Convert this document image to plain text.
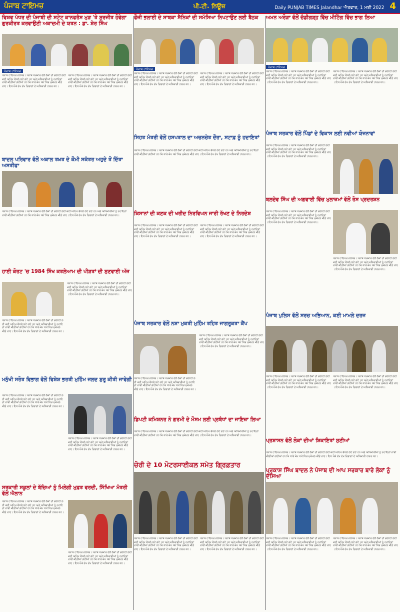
ਪੰਜਾਬ ਟਾਇਮਜ਼	ਪੀ.ਟੀ. ਨਿਊਜ਼	Daily PUNJAB TIMES Jalandhar ਐਤਵਾਰ, 1 ਮਈ 2022 4
ਵਿਸ਼ਵ ਪੱਧਰ ਦੀ ਪੰਜਾਬੀ ਦੀ ਸਟੇਟ ਕਾਨਫਰੰਸ ਮੁੜ 'ਤੇ ਸੁਰਜੀਤ ਹੋਵੇਗਾ ਗੁਰਕੀਰਤ ਕਰਵਾਉਣੀ ਅਕਾਦਮੀ ਦੇ ਯਤਨ : ਡਾ. ਸ਼ੇਰ ਸਿੰਘ
ਪੰਜਾਬ ਟਾਇਮਜ਼
ਪੰਜਾਬ ਟਾਇਮਜ਼ ਜਲੰਧਰ। ਪੰਜਾਬ ਸਰਕਾਰ ਵੱਲੋਂ ਲੋਕਾਂ ਦੀ ਭਲਾਈ ਲਈ ਕਈ ਅਹਿਮ ਫੈਸਲੇ ਲਏ ਗਏ ਹਨ ਅਤੇ ਅਧਿਕਾਰੀਆਂ ਨੂੰ ਹਦਾਇਤਾਂ ਜਾਰੀ ਕੀਤੀਆਂ ਗਈਆਂ ਹਨ ਕਿ ਸਾਰੇ ਕੰਮ ਸਮੇਂ ਸਿਰ ਮੁਕੰਮਲ ਕੀਤੇ ਜਾਣ। ਇਸ ਮੌਕੇ ਵੱਖ ਵੱਖ ਵਿਭਾਗਾਂ ਦੇ ਅਧਿਕਾਰੀ ਹਾਜ਼ਰ ਸਨ।
ਪੰਜਾਬ ਟਾਇਮਜ਼ ਜਲੰਧਰ। ਪੰਜਾਬ ਸਰਕਾਰ ਵੱਲੋਂ ਲੋਕਾਂ ਦੀ ਭਲਾਈ ਲਈ ਕਈ ਅਹਿਮ ਫੈਸਲੇ ਲਏ ਗਏ ਹਨ ਅਤੇ ਅਧਿਕਾਰੀਆਂ ਨੂੰ ਹਦਾਇਤਾਂ ਜਾਰੀ ਕੀਤੀਆਂ ਗਈਆਂ ਹਨ ਕਿ ਸਾਰੇ ਕੰਮ ਸਮੇਂ ਸਿਰ ਮੁਕੰਮਲ ਕੀਤੇ ਜਾਣ। ਇਸ ਮੌਕੇ ਵੱਖ ਵੱਖ ਵਿਭਾਗਾਂ ਦੇ ਅਧਿਕਾਰੀ ਹਾਜ਼ਰ ਸਨ।
ਬਾਦਲ ਪਰਿਵਾਰ ਵੱਲੋਂ ਅਕਾਲ ਤਖ਼ਤ ਦੇ ਕੌਮੀ ਸਕੱਤਰ ਅਹੁਦੇ ਤੋਂ ਦਿੱਤਾ ਅਸਤੀਫਾ
ਪੰਜਾਬ ਟਾਇਮਜ਼ ਜਲੰਧਰ। ਪੰਜਾਬ ਸਰਕਾਰ ਵੱਲੋਂ ਲੋਕਾਂ ਦੀ ਭਲਾਈ ਲਈ ਕਈ ਅਹਿਮ ਫੈਸਲੇ ਲਏ ਗਏ ਹਨ ਅਤੇ ਅਧਿਕਾਰੀਆਂ ਨੂੰ ਹਦਾਇਤਾਂ ਜਾਰੀ ਕੀਤੀਆਂ ਗਈਆਂ ਹਨ ਕਿ ਸਾਰੇ ਕੰਮ ਸਮੇਂ ਸਿਰ ਮੁਕੰਮਲ ਕੀਤੇ ਜਾਣ। ਇਸ ਮੌਕੇ ਵੱਖ ਵੱਖ ਵਿਭਾਗਾਂ ਦੇ ਅਧਿਕਾਰੀ ਹਾਜ਼ਰ ਸਨ।
ਹਾਈ ਕੋਰਟ 'ਚ 1984 ਸਿੱਖ ਕਤਲੇਆਮ ਦੀ ਪੀੜਤਾਂ ਦੀ ਸੁਣਵਾਈ ਅੱਜ
ਪੰਜਾਬ ਟਾਇਮਜ਼ ਜਲੰਧਰ। ਪੰਜਾਬ ਸਰਕਾਰ ਵੱਲੋਂ ਲੋਕਾਂ ਦੀ ਭਲਾਈ ਲਈ ਕਈ ਅਹਿਮ ਫੈਸਲੇ ਲਏ ਗਏ ਹਨ ਅਤੇ ਅਧਿਕਾਰੀਆਂ ਨੂੰ ਹਦਾਇਤਾਂ ਜਾਰੀ ਕੀਤੀਆਂ ਗਈਆਂ ਹਨ ਕਿ ਸਾਰੇ ਕੰਮ ਸਮੇਂ ਸਿਰ ਮੁਕੰਮਲ ਕੀਤੇ ਜਾਣ। ਇਸ ਮੌਕੇ ਵੱਖ ਵੱਖ ਵਿਭਾਗਾਂ ਦੇ ਅਧਿਕਾਰੀ ਹਾਜ਼ਰ ਸਨ।
ਪੰਜਾਬ ਟਾਇਮਜ਼ ਜਲੰਧਰ। ਪੰਜਾਬ ਸਰਕਾਰ ਵੱਲੋਂ ਲੋਕਾਂ ਦੀ ਭਲਾਈ ਲਈ ਕਈ ਅਹਿਮ ਫੈਸਲੇ ਲਏ ਗਏ ਹਨ ਅਤੇ ਅਧਿਕਾਰੀਆਂ ਨੂੰ ਹਦਾਇਤਾਂ ਜਾਰੀ ਕੀਤੀਆਂ ਗਈਆਂ ਹਨ ਕਿ ਸਾਰੇ ਕੰਮ ਸਮੇਂ ਸਿਰ ਮੁਕੰਮਲ ਕੀਤੇ ਜਾਣ। ਇਸ ਮੌਕੇ ਵੱਖ ਵੱਖ ਵਿਭਾਗਾਂ ਦੇ ਅਧਿਕਾਰੀ ਹਾਜ਼ਰ ਸਨ।
ਮਨੁੱਖੀ ਸਰੋਤ ਵਿਭਾਗ ਵੱਲੋਂ ਵਿਸ਼ੇਸ਼ ਭਰਤੀ ਮੁਹਿੰਮ ਜਲਦ ਸ਼ੁਰੂ ਕੀਤੀ ਜਾਵੇਗੀ
ਪੰਜਾਬ ਟਾਇਮਜ਼ ਜਲੰਧਰ। ਪੰਜਾਬ ਸਰਕਾਰ ਵੱਲੋਂ ਲੋਕਾਂ ਦੀ ਭਲਾਈ ਲਈ ਕਈ ਅਹਿਮ ਫੈਸਲੇ ਲਏ ਗਏ ਹਨ ਅਤੇ ਅਧਿਕਾਰੀਆਂ ਨੂੰ ਹਦਾਇਤਾਂ ਜਾਰੀ ਕੀਤੀਆਂ ਗਈਆਂ ਹਨ ਕਿ ਸਾਰੇ ਕੰਮ ਸਮੇਂ ਸਿਰ ਮੁਕੰਮਲ ਕੀਤੇ ਜਾਣ। ਇਸ ਮੌਕੇ ਵੱਖ ਵੱਖ ਵਿਭਾਗਾਂ ਦੇ ਅਧਿਕਾਰੀ ਹਾਜ਼ਰ ਸਨ।
ਪੰਜਾਬ ਟਾਇਮਜ਼ ਜਲੰਧਰ। ਪੰਜਾਬ ਸਰਕਾਰ ਵੱਲੋਂ ਲੋਕਾਂ ਦੀ ਭਲਾਈ ਲਈ ਕਈ ਅਹਿਮ ਫੈਸਲੇ ਲਏ ਗਏ ਹਨ ਅਤੇ ਅਧਿਕਾਰੀਆਂ ਨੂੰ ਹਦਾਇਤਾਂ ਜਾਰੀ ਕੀਤੀਆਂ ਗਈਆਂ ਹਨ ਕਿ ਸਾਰੇ ਕੰਮ ਸਮੇਂ ਸਿਰ ਮੁਕੰਮਲ ਕੀਤੇ ਜਾਣ। ਇਸ ਮੌਕੇ ਵੱਖ ਵੱਖ ਵਿਭਾਗਾਂ ਦੇ ਅਧਿਕਾਰੀ ਹਾਜ਼ਰ ਸਨ।
ਸਰਕਾਰੀ ਸਕੂਲਾਂ ਦੇ ਬੱਚਿਆਂ ਨੂੰ ਮਿਲੇਗੀ ਮੁਫ਼ਤ ਵਰਦੀ, ਸਿੱਖਿਆ ਮੰਤਰੀ ਵੱਲੋਂ ਐਲਾਨ
ਪੰਜਾਬ ਟਾਇਮਜ਼ ਜਲੰਧਰ। ਪੰਜਾਬ ਸਰਕਾਰ ਵੱਲੋਂ ਲੋਕਾਂ ਦੀ ਭਲਾਈ ਲਈ ਕਈ ਅਹਿਮ ਫੈਸਲੇ ਲਏ ਗਏ ਹਨ ਅਤੇ ਅਧਿਕਾਰੀਆਂ ਨੂੰ ਹਦਾਇਤਾਂ ਜਾਰੀ ਕੀਤੀਆਂ ਗਈਆਂ ਹਨ ਕਿ ਸਾਰੇ ਕੰਮ ਸਮੇਂ ਸਿਰ ਮੁਕੰਮਲ ਕੀਤੇ ਜਾਣ। ਇਸ ਮੌਕੇ ਵੱਖ ਵੱਖ ਵਿਭਾਗਾਂ ਦੇ ਅਧਿਕਾਰੀ ਹਾਜ਼ਰ ਸਨ।
ਪੰਜਾਬ ਟਾਇਮਜ਼ ਜਲੰਧਰ। ਪੰਜਾਬ ਸਰਕਾਰ ਵੱਲੋਂ ਲੋਕਾਂ ਦੀ ਭਲਾਈ ਲਈ ਕਈ ਅਹਿਮ ਫੈਸਲੇ ਲਏ ਗਏ ਹਨ ਅਤੇ ਅਧਿਕਾਰੀਆਂ ਨੂੰ ਹਦਾਇਤਾਂ ਜਾਰੀ ਕੀਤੀਆਂ ਗਈਆਂ ਹਨ ਕਿ ਸਾਰੇ ਕੰਮ ਸਮੇਂ ਸਿਰ ਮੁਕੰਮਲ ਕੀਤੇ ਜਾਣ। ਇਸ ਮੌਕੇ ਵੱਖ ਵੱਖ ਵਿਭਾਗਾਂ ਦੇ ਅਧਿਕਾਰੀ ਹਾਜ਼ਰ ਸਨ।
ਫੌਜੀ ਭਲਾਈ ਦੇ ਸਾਬਕਾ ਸੈਨਿਕਾਂ ਦੀ ਸਮੱਸਿਆ ਨਿਪਟਾਉਣ ਲਈ ਬੈਠਕ
ਪੰਜਾਬ ਟਾਇਮਜ਼
ਪੰਜਾਬ ਟਾਇਮਜ਼ ਜਲੰਧਰ। ਪੰਜਾਬ ਸਰਕਾਰ ਵੱਲੋਂ ਲੋਕਾਂ ਦੀ ਭਲਾਈ ਲਈ ਕਈ ਅਹਿਮ ਫੈਸਲੇ ਲਏ ਗਏ ਹਨ ਅਤੇ ਅਧਿਕਾਰੀਆਂ ਨੂੰ ਹਦਾਇਤਾਂ ਜਾਰੀ ਕੀਤੀਆਂ ਗਈਆਂ ਹਨ ਕਿ ਸਾਰੇ ਕੰਮ ਸਮੇਂ ਸਿਰ ਮੁਕੰਮਲ ਕੀਤੇ ਜਾਣ। ਇਸ ਮੌਕੇ ਵੱਖ ਵੱਖ ਵਿਭਾਗਾਂ ਦੇ ਅਧਿਕਾਰੀ ਹਾਜ਼ਰ ਸਨ।
ਪੰਜਾਬ ਟਾਇਮਜ਼ ਜਲੰਧਰ। ਪੰਜਾਬ ਸਰਕਾਰ ਵੱਲੋਂ ਲੋਕਾਂ ਦੀ ਭਲਾਈ ਲਈ ਕਈ ਅਹਿਮ ਫੈਸਲੇ ਲਏ ਗਏ ਹਨ ਅਤੇ ਅਧਿਕਾਰੀਆਂ ਨੂੰ ਹਦਾਇਤਾਂ ਜਾਰੀ ਕੀਤੀਆਂ ਗਈਆਂ ਹਨ ਕਿ ਸਾਰੇ ਕੰਮ ਸਮੇਂ ਸਿਰ ਮੁਕੰਮਲ ਕੀਤੇ ਜਾਣ। ਇਸ ਮੌਕੇ ਵੱਖ ਵੱਖ ਵਿਭਾਗਾਂ ਦੇ ਅਧਿਕਾਰੀ ਹਾਜ਼ਰ ਸਨ।
ਸਿਹਤ ਮੰਤਰੀ ਵੱਲੋਂ ਹਸਪਤਾਲ ਦਾ ਅਚਨਚੇਤ ਦੌਰਾ, ਸਟਾਫ਼ ਨੂੰ ਹਦਾਇਤਾਂ
ਪੰਜਾਬ ਟਾਇਮਜ਼ ਜਲੰਧਰ। ਪੰਜਾਬ ਸਰਕਾਰ ਵੱਲੋਂ ਲੋਕਾਂ ਦੀ ਭਲਾਈ ਲਈ ਕਈ ਅਹਿਮ ਫੈਸਲੇ ਲਏ ਗਏ ਹਨ ਅਤੇ ਅਧਿਕਾਰੀਆਂ ਨੂੰ ਹਦਾਇਤਾਂ ਜਾਰੀ ਕੀਤੀਆਂ ਗਈਆਂ ਹਨ ਕਿ ਸਾਰੇ ਕੰਮ ਸਮੇਂ ਸਿਰ ਮੁਕੰਮਲ ਕੀਤੇ ਜਾਣ। ਇਸ ਮੌਕੇ ਵੱਖ ਵੱਖ ਵਿਭਾਗਾਂ ਦੇ ਅਧਿਕਾਰੀ ਹਾਜ਼ਰ ਸਨ।
ਕਿਸਾਨਾਂ ਦੀ ਕਣਕ ਦੀ ਖਰੀਦ ਨਿਰਵਿਘਨ ਜਾਰੀ ਰੱਖਣ ਦੇ ਨਿਰਦੇਸ਼
ਪੰਜਾਬ ਟਾਇਮਜ਼ ਜਲੰਧਰ। ਪੰਜਾਬ ਸਰਕਾਰ ਵੱਲੋਂ ਲੋਕਾਂ ਦੀ ਭਲਾਈ ਲਈ ਕਈ ਅਹਿਮ ਫੈਸਲੇ ਲਏ ਗਏ ਹਨ ਅਤੇ ਅਧਿਕਾਰੀਆਂ ਨੂੰ ਹਦਾਇਤਾਂ ਜਾਰੀ ਕੀਤੀਆਂ ਗਈਆਂ ਹਨ ਕਿ ਸਾਰੇ ਕੰਮ ਸਮੇਂ ਸਿਰ ਮੁਕੰਮਲ ਕੀਤੇ ਜਾਣ। ਇਸ ਮੌਕੇ ਵੱਖ ਵੱਖ ਵਿਭਾਗਾਂ ਦੇ ਅਧਿਕਾਰੀ ਹਾਜ਼ਰ ਸਨ।
ਪੰਜਾਬ ਟਾਇਮਜ਼ ਜਲੰਧਰ। ਪੰਜਾਬ ਸਰਕਾਰ ਵੱਲੋਂ ਲੋਕਾਂ ਦੀ ਭਲਾਈ ਲਈ ਕਈ ਅਹਿਮ ਫੈਸਲੇ ਲਏ ਗਏ ਹਨ ਅਤੇ ਅਧਿਕਾਰੀਆਂ ਨੂੰ ਹਦਾਇਤਾਂ ਜਾਰੀ ਕੀਤੀਆਂ ਗਈਆਂ ਹਨ ਕਿ ਸਾਰੇ ਕੰਮ ਸਮੇਂ ਸਿਰ ਮੁਕੰਮਲ ਕੀਤੇ ਜਾਣ। ਇਸ ਮੌਕੇ ਵੱਖ ਵੱਖ ਵਿਭਾਗਾਂ ਦੇ ਅਧਿਕਾਰੀ ਹਾਜ਼ਰ ਸਨ।
ਪੰਜਾਬ ਸਰਕਾਰ ਵੱਲੋਂ ਨਸ਼ਾ ਮੁਕਤੀ ਮੁਹਿੰਮ ਤਹਿਤ ਜਾਗਰੂਕਤਾ ਕੈਂਪ
ਪੰਜਾਬ ਟਾਇਮਜ਼ ਜਲੰਧਰ। ਪੰਜਾਬ ਸਰਕਾਰ ਵੱਲੋਂ ਲੋਕਾਂ ਦੀ ਭਲਾਈ ਲਈ ਕਈ ਅਹਿਮ ਫੈਸਲੇ ਲਏ ਗਏ ਹਨ ਅਤੇ ਅਧਿਕਾਰੀਆਂ ਨੂੰ ਹਦਾਇਤਾਂ ਜਾਰੀ ਕੀਤੀਆਂ ਗਈਆਂ ਹਨ ਕਿ ਸਾਰੇ ਕੰਮ ਸਮੇਂ ਸਿਰ ਮੁਕੰਮਲ ਕੀਤੇ ਜਾਣ। ਇਸ ਮੌਕੇ ਵੱਖ ਵੱਖ ਵਿਭਾਗਾਂ ਦੇ ਅਧਿਕਾਰੀ ਹਾਜ਼ਰ ਸਨ।
ਪੰਜਾਬ ਟਾਇਮਜ਼ ਜਲੰਧਰ। ਪੰਜਾਬ ਸਰਕਾਰ ਵੱਲੋਂ ਲੋਕਾਂ ਦੀ ਭਲਾਈ ਲਈ ਕਈ ਅਹਿਮ ਫੈਸਲੇ ਲਏ ਗਏ ਹਨ ਅਤੇ ਅਧਿਕਾਰੀਆਂ ਨੂੰ ਹਦਾਇਤਾਂ ਜਾਰੀ ਕੀਤੀਆਂ ਗਈਆਂ ਹਨ ਕਿ ਸਾਰੇ ਕੰਮ ਸਮੇਂ ਸਿਰ ਮੁਕੰਮਲ ਕੀਤੇ ਜਾਣ। ਇਸ ਮੌਕੇ ਵੱਖ ਵੱਖ ਵਿਭਾਗਾਂ ਦੇ ਅਧਿਕਾਰੀ ਹਾਜ਼ਰ ਸਨ।
ਡਿਪਟੀ ਕਮਿਸ਼ਨਰ ਨੇ ਗਰਮੀ ਦੇ ਮੌਸਮ ਲਈ ਪ੍ਰਬੰਧਾਂ ਦਾ ਜਾਇਜ਼ਾ ਲਿਆ
ਪੰਜਾਬ ਟਾਇਮਜ਼ ਜਲੰਧਰ। ਪੰਜਾਬ ਸਰਕਾਰ ਵੱਲੋਂ ਲੋਕਾਂ ਦੀ ਭਲਾਈ ਲਈ ਕਈ ਅਹਿਮ ਫੈਸਲੇ ਲਏ ਗਏ ਹਨ ਅਤੇ ਅਧਿਕਾਰੀਆਂ ਨੂੰ ਹਦਾਇਤਾਂ ਜਾਰੀ ਕੀਤੀਆਂ ਗਈਆਂ ਹਨ ਕਿ ਸਾਰੇ ਕੰਮ ਸਮੇਂ ਸਿਰ ਮੁਕੰਮਲ ਕੀਤੇ ਜਾਣ। ਇਸ ਮੌਕੇ ਵੱਖ ਵੱਖ ਵਿਭਾਗਾਂ ਦੇ ਅਧਿਕਾਰੀ ਹਾਜ਼ਰ ਸਨ।
ਚੋਰੀ ਦੇ 10 ਮੋਟਰਸਾਈਕਲ ਸਮੇਤ ਗ੍ਰਿਫ਼ਤਾਰ
ਪੰਜਾਬ ਟਾਇਮਜ਼ ਜਲੰਧਰ। ਪੰਜਾਬ ਸਰਕਾਰ ਵੱਲੋਂ ਲੋਕਾਂ ਦੀ ਭਲਾਈ ਲਈ ਕਈ ਅਹਿਮ ਫੈਸਲੇ ਲਏ ਗਏ ਹਨ ਅਤੇ ਅਧਿਕਾਰੀਆਂ ਨੂੰ ਹਦਾਇਤਾਂ ਜਾਰੀ ਕੀਤੀਆਂ ਗਈਆਂ ਹਨ ਕਿ ਸਾਰੇ ਕੰਮ ਸਮੇਂ ਸਿਰ ਮੁਕੰਮਲ ਕੀਤੇ ਜਾਣ। ਇਸ ਮੌਕੇ ਵੱਖ ਵੱਖ ਵਿਭਾਗਾਂ ਦੇ ਅਧਿਕਾਰੀ ਹਾਜ਼ਰ ਸਨ।
ਪੰਜਾਬ ਟਾਇਮਜ਼ ਜਲੰਧਰ। ਪੰਜਾਬ ਸਰਕਾਰ ਵੱਲੋਂ ਲੋਕਾਂ ਦੀ ਭਲਾਈ ਲਈ ਕਈ ਅਹਿਮ ਫੈਸਲੇ ਲਏ ਗਏ ਹਨ ਅਤੇ ਅਧਿਕਾਰੀਆਂ ਨੂੰ ਹਦਾਇਤਾਂ ਜਾਰੀ ਕੀਤੀਆਂ ਗਈਆਂ ਹਨ ਕਿ ਸਾਰੇ ਕੰਮ ਸਮੇਂ ਸਿਰ ਮੁਕੰਮਲ ਕੀਤੇ ਜਾਣ। ਇਸ ਮੌਕੇ ਵੱਖ ਵੱਖ ਵਿਭਾਗਾਂ ਦੇ ਅਧਿਕਾਰੀ ਹਾਜ਼ਰ ਸਨ।
ਅਮਨ ਅਰੋੜਾ ਵੱਲੋਂ ਚੰਡੀਗੜ੍ਹ ਵਿੱਚ ਮੀਟਿੰਗ ਵਿੱਚ ਭਾਗ ਲਿਆ
ਪੰਜਾਬ ਟਾਇਮਜ਼
ਪੰਜਾਬ ਟਾਇਮਜ਼ ਜਲੰਧਰ। ਪੰਜਾਬ ਸਰਕਾਰ ਵੱਲੋਂ ਲੋਕਾਂ ਦੀ ਭਲਾਈ ਲਈ ਕਈ ਅਹਿਮ ਫੈਸਲੇ ਲਏ ਗਏ ਹਨ ਅਤੇ ਅਧਿਕਾਰੀਆਂ ਨੂੰ ਹਦਾਇਤਾਂ ਜਾਰੀ ਕੀਤੀਆਂ ਗਈਆਂ ਹਨ ਕਿ ਸਾਰੇ ਕੰਮ ਸਮੇਂ ਸਿਰ ਮੁਕੰਮਲ ਕੀਤੇ ਜਾਣ। ਇਸ ਮੌਕੇ ਵੱਖ ਵੱਖ ਵਿਭਾਗਾਂ ਦੇ ਅਧਿਕਾਰੀ ਹਾਜ਼ਰ ਸਨ।
ਪੰਜਾਬ ਟਾਇਮਜ਼ ਜਲੰਧਰ। ਪੰਜਾਬ ਸਰਕਾਰ ਵੱਲੋਂ ਲੋਕਾਂ ਦੀ ਭਲਾਈ ਲਈ ਕਈ ਅਹਿਮ ਫੈਸਲੇ ਲਏ ਗਏ ਹਨ ਅਤੇ ਅਧਿਕਾਰੀਆਂ ਨੂੰ ਹਦਾਇਤਾਂ ਜਾਰੀ ਕੀਤੀਆਂ ਗਈਆਂ ਹਨ ਕਿ ਸਾਰੇ ਕੰਮ ਸਮੇਂ ਸਿਰ ਮੁਕੰਮਲ ਕੀਤੇ ਜਾਣ। ਇਸ ਮੌਕੇ ਵੱਖ ਵੱਖ ਵਿਭਾਗਾਂ ਦੇ ਅਧਿਕਾਰੀ ਹਾਜ਼ਰ ਸਨ।
ਪੰਜਾਬ ਸਰਕਾਰ ਵੱਲੋਂ ਪਿੰਡਾਂ ਦੇ ਵਿਕਾਸ ਲਈ ਨਵੀਆਂ ਯੋਜਨਾਵਾਂ
ਪੰਜਾਬ ਟਾਇਮਜ਼ ਜਲੰਧਰ। ਪੰਜਾਬ ਸਰਕਾਰ ਵੱਲੋਂ ਲੋਕਾਂ ਦੀ ਭਲਾਈ ਲਈ ਕਈ ਅਹਿਮ ਫੈਸਲੇ ਲਏ ਗਏ ਹਨ ਅਤੇ ਅਧਿਕਾਰੀਆਂ ਨੂੰ ਹਦਾਇਤਾਂ ਜਾਰੀ ਕੀਤੀਆਂ ਗਈਆਂ ਹਨ ਕਿ ਸਾਰੇ ਕੰਮ ਸਮੇਂ ਸਿਰ ਮੁਕੰਮਲ ਕੀਤੇ ਜਾਣ। ਇਸ ਮੌਕੇ ਵੱਖ ਵੱਖ ਵਿਭਾਗਾਂ ਦੇ ਅਧਿਕਾਰੀ ਹਾਜ਼ਰ ਸਨ।
ਬਲਦੇਵ ਸਿੰਘ ਦੀ ਅਗਵਾਈ ਵਿੱਚ ਮੁਲਾਜ਼ਮਾਂ ਵੱਲੋਂ ਰੋਸ ਪ੍ਰਦਰਸ਼ਨ
ਪੰਜਾਬ ਟਾਇਮਜ਼ ਜਲੰਧਰ। ਪੰਜਾਬ ਸਰਕਾਰ ਵੱਲੋਂ ਲੋਕਾਂ ਦੀ ਭਲਾਈ ਲਈ ਕਈ ਅਹਿਮ ਫੈਸਲੇ ਲਏ ਗਏ ਹਨ ਅਤੇ ਅਧਿਕਾਰੀਆਂ ਨੂੰ ਹਦਾਇਤਾਂ ਜਾਰੀ ਕੀਤੀਆਂ ਗਈਆਂ ਹਨ ਕਿ ਸਾਰੇ ਕੰਮ ਸਮੇਂ ਸਿਰ ਮੁਕੰਮਲ ਕੀਤੇ ਜਾਣ। ਇਸ ਮੌਕੇ ਵੱਖ ਵੱਖ ਵਿਭਾਗਾਂ ਦੇ ਅਧਿਕਾਰੀ ਹਾਜ਼ਰ ਸਨ।
ਪੰਜਾਬ ਟਾਇਮਜ਼ ਜਲੰਧਰ। ਪੰਜਾਬ ਸਰਕਾਰ ਵੱਲੋਂ ਲੋਕਾਂ ਦੀ ਭਲਾਈ ਲਈ ਕਈ ਅਹਿਮ ਫੈਸਲੇ ਲਏ ਗਏ ਹਨ ਅਤੇ ਅਧਿਕਾਰੀਆਂ ਨੂੰ ਹਦਾਇਤਾਂ ਜਾਰੀ ਕੀਤੀਆਂ ਗਈਆਂ ਹਨ ਕਿ ਸਾਰੇ ਕੰਮ ਸਮੇਂ ਸਿਰ ਮੁਕੰਮਲ ਕੀਤੇ ਜਾਣ। ਇਸ ਮੌਕੇ ਵੱਖ ਵੱਖ ਵਿਭਾਗਾਂ ਦੇ ਅਧਿਕਾਰੀ ਹਾਜ਼ਰ ਸਨ।
ਪੰਜਾਬ ਪੁਲਿਸ ਵੱਲੋਂ ਸਰਚ ਅਭਿਆਨ, ਕਈ ਮਾਮਲੇ ਦਰਜ
ਪੰਜਾਬ ਟਾਇਮਜ਼ ਜਲੰਧਰ। ਪੰਜਾਬ ਸਰਕਾਰ ਵੱਲੋਂ ਲੋਕਾਂ ਦੀ ਭਲਾਈ ਲਈ ਕਈ ਅਹਿਮ ਫੈਸਲੇ ਲਏ ਗਏ ਹਨ ਅਤੇ ਅਧਿਕਾਰੀਆਂ ਨੂੰ ਹਦਾਇਤਾਂ ਜਾਰੀ ਕੀਤੀਆਂ ਗਈਆਂ ਹਨ ਕਿ ਸਾਰੇ ਕੰਮ ਸਮੇਂ ਸਿਰ ਮੁਕੰਮਲ ਕੀਤੇ ਜਾਣ। ਇਸ ਮੌਕੇ ਵੱਖ ਵੱਖ ਵਿਭਾਗਾਂ ਦੇ ਅਧਿਕਾਰੀ ਹਾਜ਼ਰ ਸਨ।
ਪੰਜਾਬ ਟਾਇਮਜ਼ ਜਲੰਧਰ। ਪੰਜਾਬ ਸਰਕਾਰ ਵੱਲੋਂ ਲੋਕਾਂ ਦੀ ਭਲਾਈ ਲਈ ਕਈ ਅਹਿਮ ਫੈਸਲੇ ਲਏ ਗਏ ਹਨ ਅਤੇ ਅਧਿਕਾਰੀਆਂ ਨੂੰ ਹਦਾਇਤਾਂ ਜਾਰੀ ਕੀਤੀਆਂ ਗਈਆਂ ਹਨ ਕਿ ਸਾਰੇ ਕੰਮ ਸਮੇਂ ਸਿਰ ਮੁਕੰਮਲ ਕੀਤੇ ਜਾਣ। ਇਸ ਮੌਕੇ ਵੱਖ ਵੱਖ ਵਿਭਾਗਾਂ ਦੇ ਅਧਿਕਾਰੀ ਹਾਜ਼ਰ ਸਨ।
ਪ੍ਰਸ਼ਾਸਨ ਵੱਲੋਂ ਲੋਕਾਂ ਦੀਆਂ ਸ਼ਿਕਾਇਤਾਂ ਸੁਣੀਆਂ
ਪੰਜਾਬ ਟਾਇਮਜ਼ ਜਲੰਧਰ। ਪੰਜਾਬ ਸਰਕਾਰ ਵੱਲੋਂ ਲੋਕਾਂ ਦੀ ਭਲਾਈ ਲਈ ਕਈ ਅਹਿਮ ਫੈਸਲੇ ਲਏ ਗਏ ਹਨ ਅਤੇ ਅਧਿਕਾਰੀਆਂ ਨੂੰ ਹਦਾਇਤਾਂ ਜਾਰੀ ਕੀਤੀਆਂ ਗਈਆਂ ਹਨ ਕਿ ਸਾਰੇ ਕੰਮ ਸਮੇਂ ਸਿਰ ਮੁਕੰਮਲ ਕੀਤੇ ਜਾਣ। ਇਸ ਮੌਕੇ ਵੱਖ ਵੱਖ ਵਿਭਾਗਾਂ ਦੇ ਅਧਿਕਾਰੀ ਹਾਜ਼ਰ ਸਨ।
ਪ੍ਰਕਾਸ਼ ਸਿੰਘ ਬਾਦਲ ਨੇ ਪੰਜਾਬ ਦੀ ਆਪ ਸਰਕਾਰ ਬਾਰੇ ਲੋਕਾਂ ਨੂੰ ਦੱਸਿਆ
ਪੰਜਾਬ ਟਾਇਮਜ਼ ਜਲੰਧਰ। ਪੰਜਾਬ ਸਰਕਾਰ ਵੱਲੋਂ ਲੋਕਾਂ ਦੀ ਭਲਾਈ ਲਈ ਕਈ ਅਹਿਮ ਫੈਸਲੇ ਲਏ ਗਏ ਹਨ ਅਤੇ ਅਧਿਕਾਰੀਆਂ ਨੂੰ ਹਦਾਇਤਾਂ ਜਾਰੀ ਕੀਤੀਆਂ ਗਈਆਂ ਹਨ ਕਿ ਸਾਰੇ ਕੰਮ ਸਮੇਂ ਸਿਰ ਮੁਕੰਮਲ ਕੀਤੇ ਜਾਣ। ਇਸ ਮੌਕੇ ਵੱਖ ਵੱਖ ਵਿਭਾਗਾਂ ਦੇ ਅਧਿਕਾਰੀ ਹਾਜ਼ਰ ਸਨ।
ਪੰਜਾਬ ਟਾਇਮਜ਼ ਜਲੰਧਰ। ਪੰਜਾਬ ਸਰਕਾਰ ਵੱਲੋਂ ਲੋਕਾਂ ਦੀ ਭਲਾਈ ਲਈ ਕਈ ਅਹਿਮ ਫੈਸਲੇ ਲਏ ਗਏ ਹਨ ਅਤੇ ਅਧਿਕਾਰੀਆਂ ਨੂੰ ਹਦਾਇਤਾਂ ਜਾਰੀ ਕੀਤੀਆਂ ਗਈਆਂ ਹਨ ਕਿ ਸਾਰੇ ਕੰਮ ਸਮੇਂ ਸਿਰ ਮੁਕੰਮਲ ਕੀਤੇ ਜਾਣ। ਇਸ ਮੌਕੇ ਵੱਖ ਵੱਖ ਵਿਭਾਗਾਂ ਦੇ ਅਧਿਕਾਰੀ ਹਾਜ਼ਰ ਸਨ।
